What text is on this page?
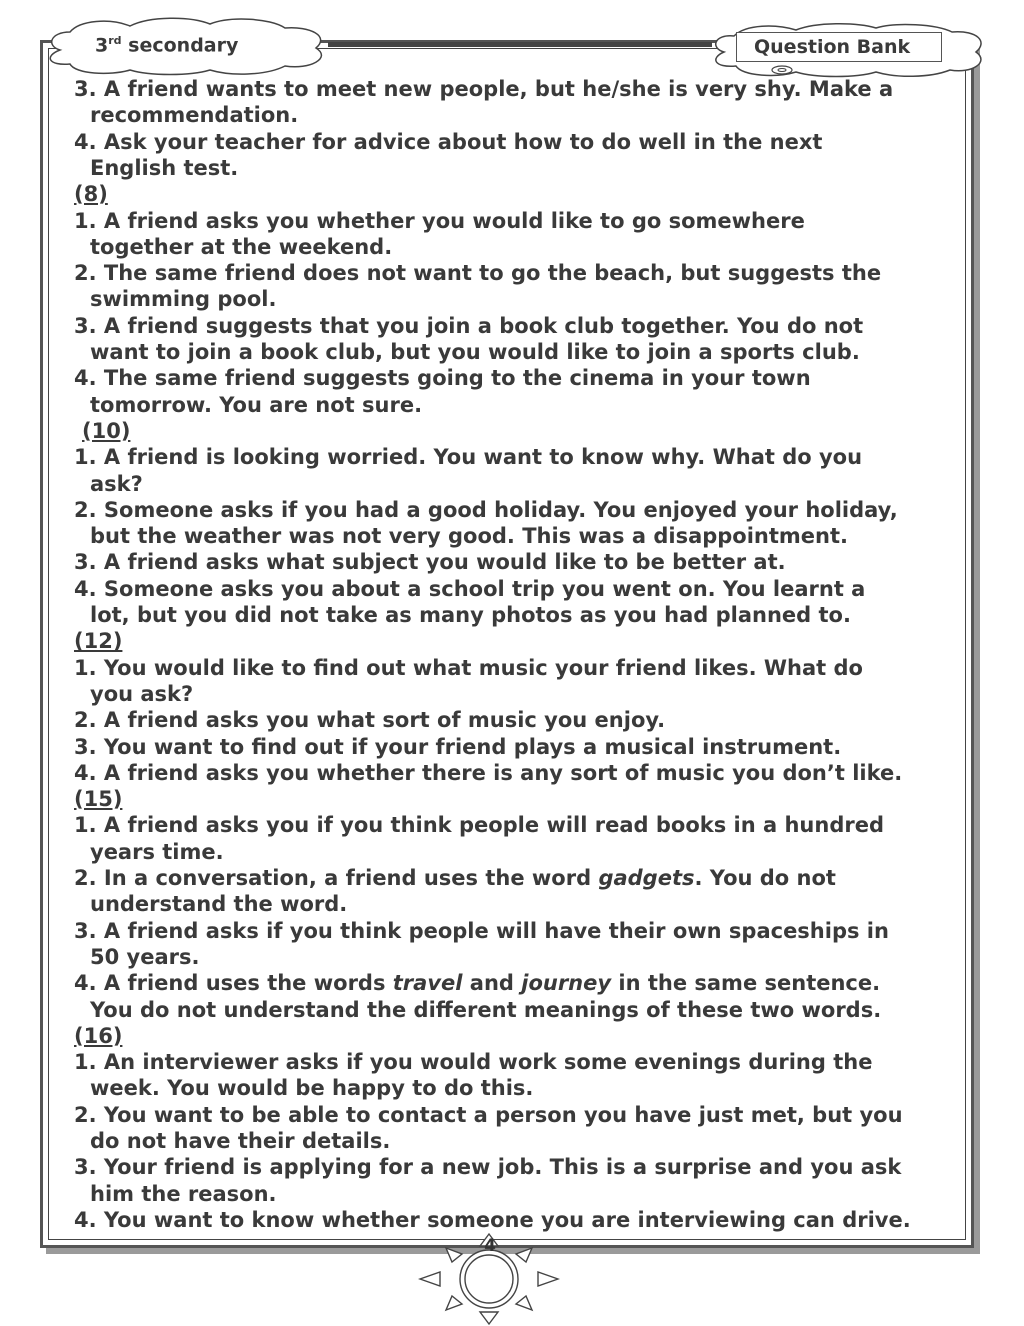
3rd secondary	Question Bank
3. A friend wants to meet new people, but he/she is very shy. Make a
recommendation.
4. Ask your teacher for advice about how to do well in the next
English test.
(8)
1. A friend asks you whether you would like to go somewhere
together at the weekend.
2. The same friend does not want to go the beach, but suggests the
swimming pool.
3. A friend suggests that you join a book club together. You do not
want to join a book club, but you would like to join a sports club.
4. The same friend suggests going to the cinema in your town
tomorrow. You are not sure.
(10)
1. A friend is looking worried. You want to know why. What do you
ask?
2. Someone asks if you had a good holiday. You enjoyed your holiday,
but the weather was not very good. This was a disappointment.
3. A friend asks what subject you would like to be better at.
4. Someone asks you about a school trip you went on. You learnt a
lot, but you did not take as many photos as you had planned to.
(12)
1. You would like to find out what music your friend likes. What do
you ask?
2. A friend asks you what sort of music you enjoy.
3. You want to find out if your friend plays a musical instrument.
4. A friend asks you whether there is any sort of music you don’t like.
(15)
1. A friend asks you if you think people will read books in a hundred
years time.
2. In a conversation, a friend uses the word gadgets. You do not
understand the word.
3. A friend asks if you think people will have their own spaceships in
50 years.
4. A friend uses the words travel and journey in the same sentence.
You do not understand the different meanings of these two words.
(16)
1. An interviewer asks if you would work some evenings during the
week. You would be happy to do this.
2. You want to be able to contact a person you have just met, but you
do not have their details.
3. Your friend is applying for a new job. This is a surprise and you ask
him the reason.
4. You want to know whether someone you are interviewing can drive.
4
